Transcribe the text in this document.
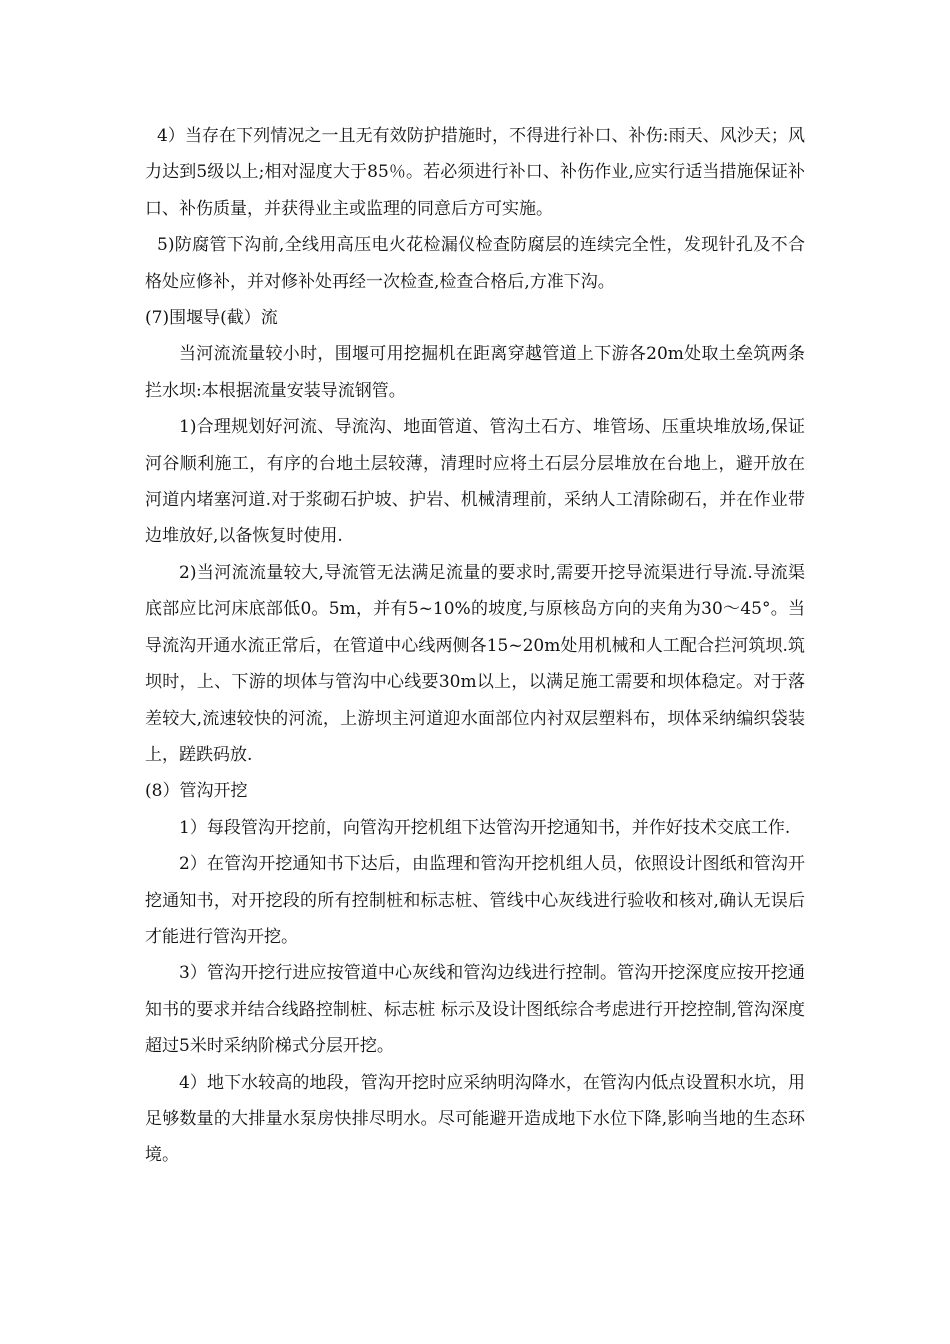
4）当存在下列情况之一且无有效防护措施时，不得进行补口、补伤:雨天、风沙天；风力达到5级以上;相对湿度大于85％。若必须进行补口、补伤作业,应实行适当措施保证补口、补伤质量，并获得业主或监理的同意后方可实施。

5)防腐管下沟前,全线用高压电火花检漏仪检查防腐层的连续完全性，发现针孔及不合格处应修补，并对修补处再经一次检查,检查合格后,方准下沟。

(7)围堰导(截）流

当河流流量较小时，围堰可用挖掘机在距离穿越管道上下游各20m处取土垒筑两条拦水坝:本根据流量安装导流钢管。

1)合理规划好河流、导流沟、地面管道、管沟土石方、堆管场、压重块堆放场,保证河谷顺利施工，有序的台地土层较薄，清理时应将土石层分层堆放在台地上，避开放在河道内堵塞河道.对于浆砌石护坡、护岩、机械清理前，采纳人工清除砌石，并在作业带边堆放好,以备恢复时使用.

2)当河流流量较大,导流管无法满足流量的要求时,需要开挖导流渠进行导流.导流渠底部应比河床底部低0。5m，并有5~10%的坡度,与原核岛方向的夹角为30～45°。当导流沟开通水流正常后，在管道中心线两侧各15~20m处用机械和人工配合拦河筑坝.筑坝时，上、下游的坝体与管沟中心线要30m以上，以满足施工需要和坝体稳定。对于落差较大,流速较快的河流，上游坝主河道迎水面部位内衬双层塑料布，坝体采纳编织袋装上，蹉跌码放.

(8）管沟开挖

1）每段管沟开挖前，向管沟开挖机组下达管沟开挖通知书，并作好技术交底工作.

2）在管沟开挖通知书下达后，由监理和管沟开挖机组人员，依照设计图纸和管沟开挖通知书，对开挖段的所有控制桩和标志桩、管线中心灰线进行验收和核对,确认无误后才能进行管沟开挖。

3）管沟开挖行进应按管道中心灰线和管沟边线进行控制。管沟开挖深度应按开挖通知书的要求并结合线路控制桩、标志桩 标示及设计图纸综合考虑进行开挖控制,管沟深度超过5米时采纳阶梯式分层开挖。

4）地下水较高的地段，管沟开挖时应采纳明沟降水，在管沟内低点设置积水坑，用足够数量的大排量水泵房快排尽明水。尽可能避开造成地下水位下降,影响当地的生态环境。
